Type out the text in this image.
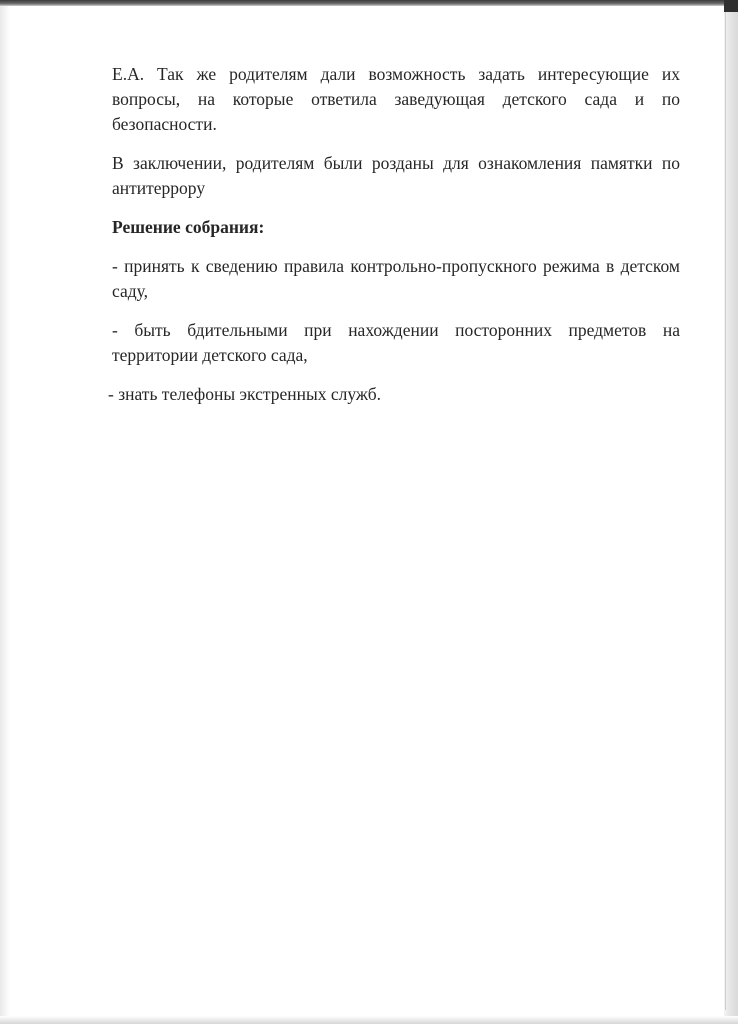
Е.А. Так же родителям дали возможность задать интересующие их вопросы, на которые ответила заведующая детского сада и по безопасности.

В заключении, родителям были розданы для ознакомления памятки по антитеррору

Решение собрания:

- принять к сведению правила контрольно-пропускного режима в детском саду,

- быть бдительными при нахождении посторонних предметов на территории детского сада,

- знать телефоны экстренных служб.
